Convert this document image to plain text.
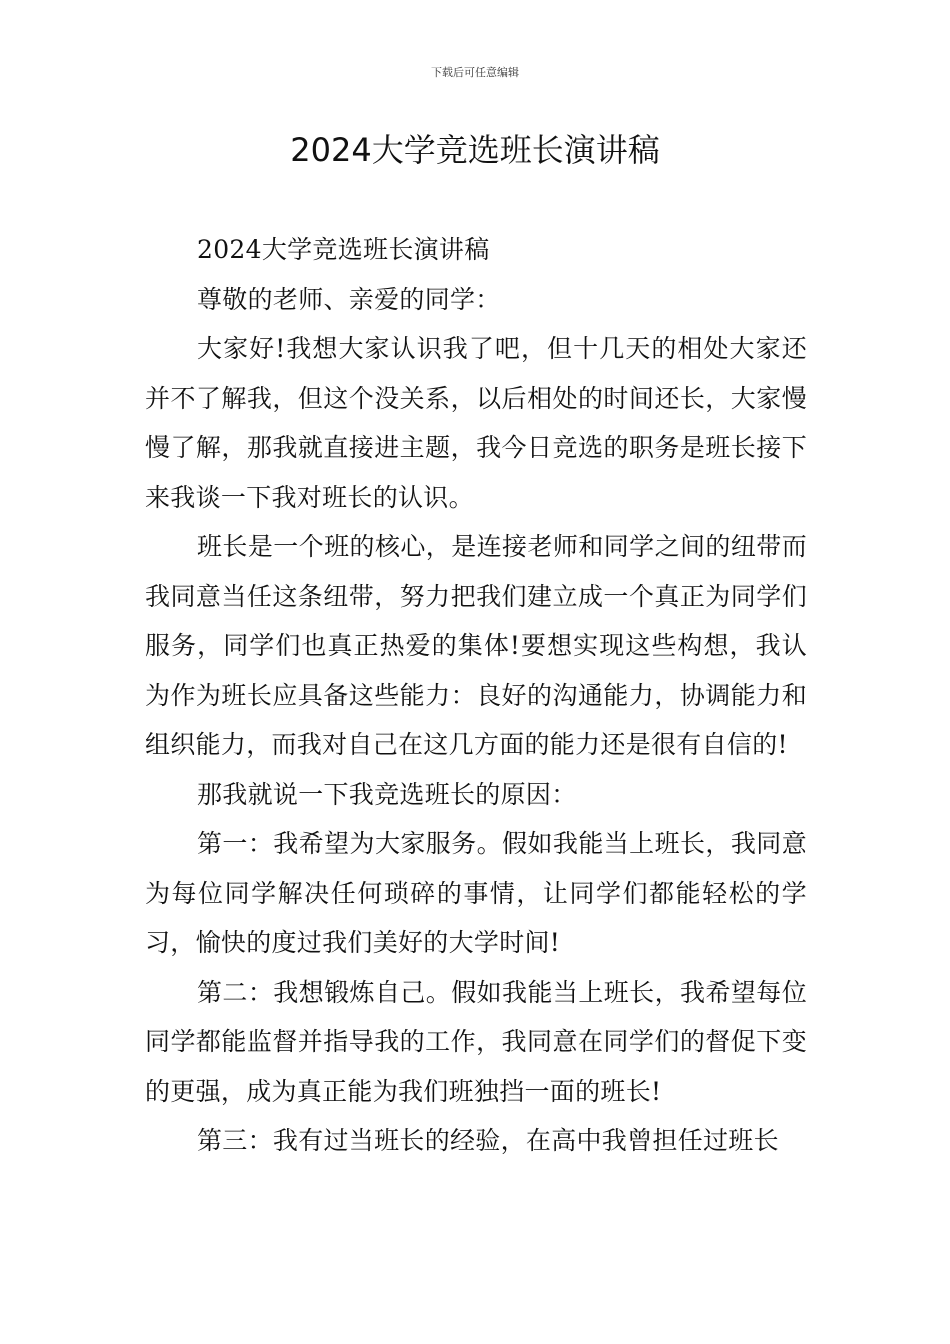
下载后可任意编辑
2024大学竞选班长演讲稿

2024大学竞选班长演讲稿

尊敬的老师、亲爱的同学：

大家好!我想大家认识我了吧，但十几天的相处大家还并不了解我，但这个没关系，以后相处的时间还长，大家慢慢了解，那我就直接进主题，我今日竞选的职务是班长接下来我谈一下我对班长的认识。

班长是一个班的核心，是连接老师和同学之间的纽带而我同意当任这条纽带，努力把我们建立成一个真正为同学们服务，同学们也真正热爱的集体!要想实现这些构想，我认为作为班长应具备这些能力：良好的沟通能力，协调能力和组织能力，而我对自己在这几方面的能力还是很有自信的!

那我就说一下我竞选班长的原因：

第一：我希望为大家服务。假如我能当上班长，我同意为每位同学解决任何琐碎的事情，让同学们都能轻松的学习，愉快的度过我们美好的大学时间!

第二：我想锻炼自己。假如我能当上班长，我希望每位同学都能监督并指导我的工作，我同意在同学们的督促下变的更强，成为真正能为我们班独挡一面的班长!

第三：我有过当班长的经验，在高中我曾担任过班长
